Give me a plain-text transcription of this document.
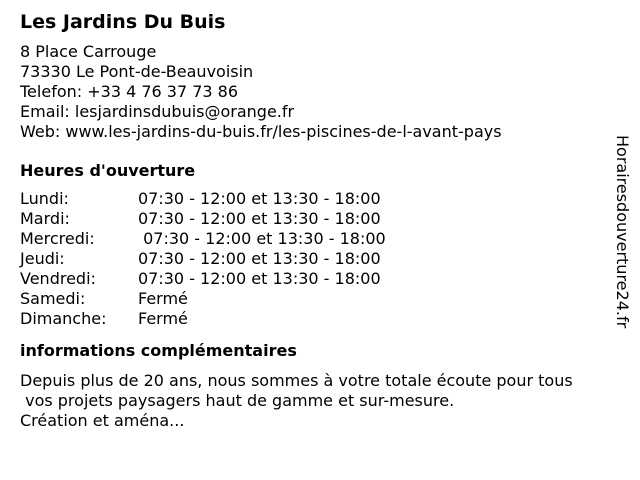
Les Jardins Du Buis
8 Place Carrouge
73330 Le Pont-de-Beauvoisin
Telefon: +33 4 76 37 73 86
Email: lesjardinsdubuis@orange.fr
Web: www.les-jardins-du-buis.fr/les-piscines-de-l-avant-pays
Heures d'ouverture
Lundi:	07:30 - 12:00 et 13:30 - 18:00
Mardi:	07:30 - 12:00 et 13:30 - 18:00
Mercredi:	07:30 - 12:00 et 13:30 - 18:00
Jeudi:	07:30 - 12:00 et 13:30 - 18:00
Vendredi:	07:30 - 12:00 et 13:30 - 18:00
Samedi:	Fermé
Dimanche:	Fermé
informations complémentaires
Depuis plus de 20 ans, nous sommes à votre totale écoute pour tous
vos projets paysagers haut de gamme et sur-mesure.
Création et aména...
Horairesdouverture24.fr
